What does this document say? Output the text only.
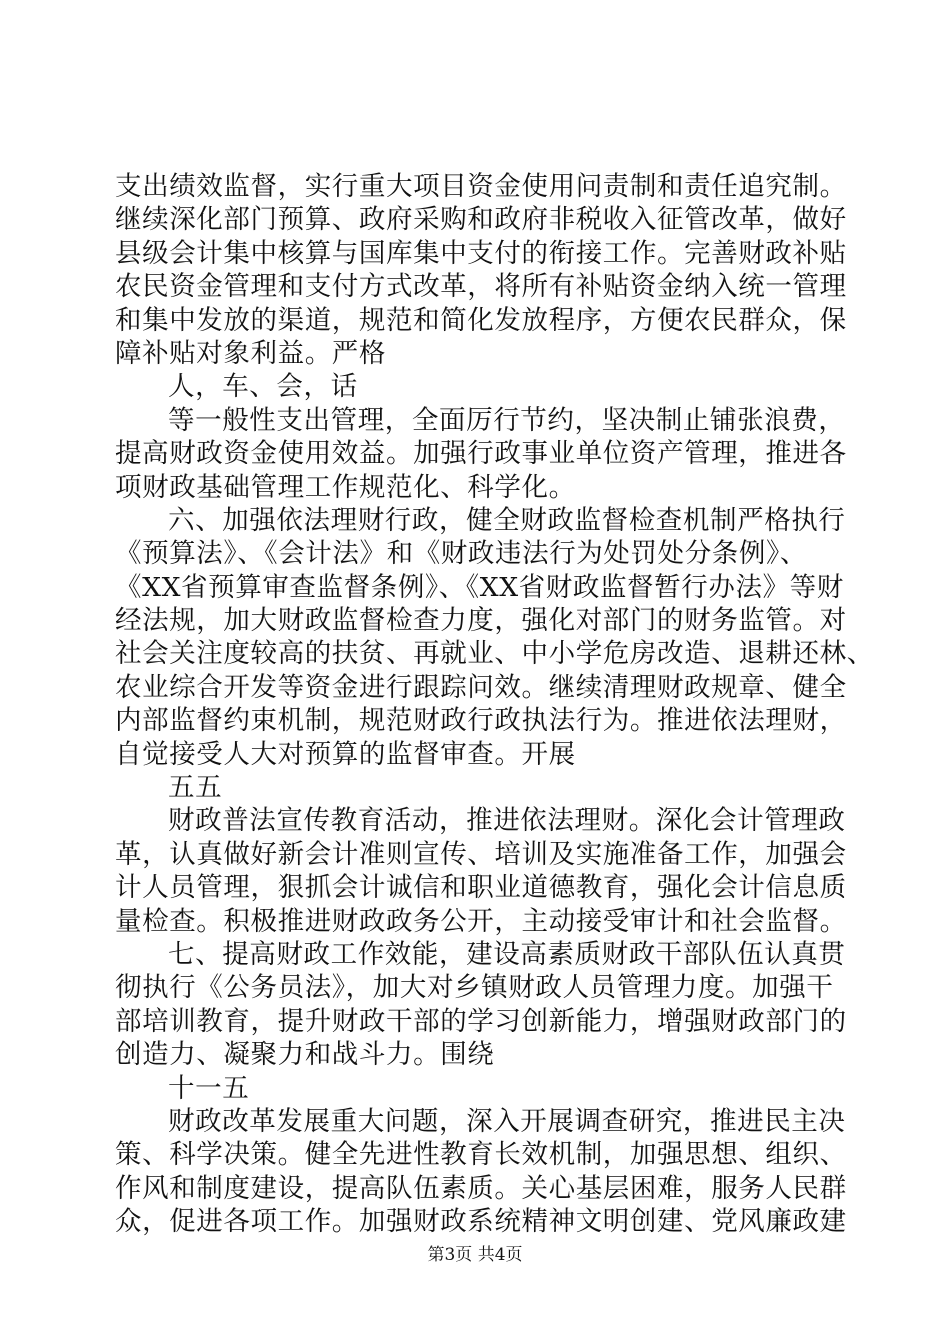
支出绩效监督，实行重大项目资金使用问责制和责任追究制。
继续深化部门预算、政府采购和政府非税收入征管改革，做好
县级会计集中核算与国库集中支付的衔接工作。完善财政补贴
农民资金管理和支付方式改革，将所有补贴资金纳入统一管理
和集中发放的渠道，规范和简化发放程序，方便农民群众，保
障补贴对象利益。严格
人，车、会，话
等一般性支出管理，全面厉行节约，坚决制止铺张浪费，
提高财政资金使用效益。加强行政事业单位资产管理，推进各
项财政基础管理工作规范化、科学化。
六、加强依法理财行政，健全财政监督检查机制严格执行
《预算法》、《会计法》和《财政违法行为处罚处分条例》、
《XX省预算审查监督条例》、《XX省财政监督暂行办法》等财
经法规，加大财政监督检查力度，强化对部门的财务监管。对
社会关注度较高的扶贫、再就业、中小学危房改造、退耕还林、
农业综合开发等资金进行跟踪问效。继续清理财政规章、健全
内部监督约束机制，规范财政行政执法行为。推进依法理财，
自觉接受人大对预算的监督审查。开展
五五
财政普法宣传教育活动，推进依法理财。深化会计管理政
革，认真做好新会计准则宣传、培训及实施准备工作，加强会
计人员管理，狠抓会计诚信和职业道德教育，强化会计信息质
量检查。积极推进财政政务公开，主动接受审计和社会监督。
七、提高财政工作效能，建设高素质财政干部队伍认真贯
彻执行《公务员法》，加大对乡镇财政人员管理力度。加强干
部培训教育，提升财政干部的学习创新能力，增强财政部门的
创造力、凝聚力和战斗力。围绕
十一五
财政改革发展重大问题，深入开展调查研究，推进民主决
策、科学决策。健全先进性教育长效机制，加强思想、组织、
作风和制度建设，提高队伍素质。关心基层困难，服务人民群
众，促进各项工作。加强财政系统精神文明创建、党风廉政建
第3页 共4页
